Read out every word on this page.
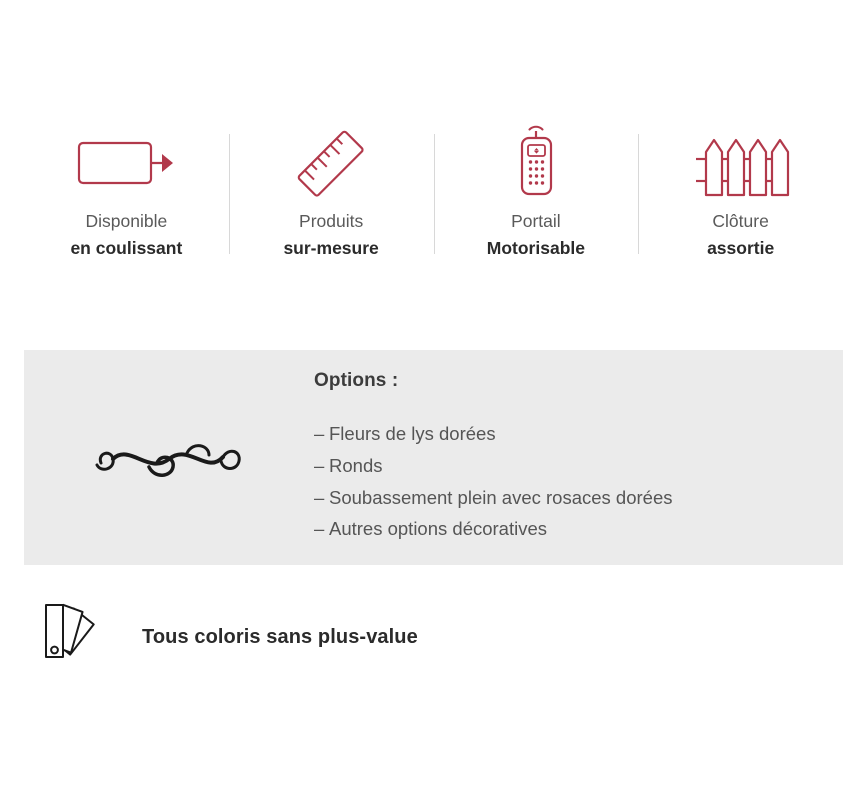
Disponible
en coulissant
Produits
sur-mesure
Portail
Motorisable
Clôture
assortie
Options :
– Fleurs de lys dorées
– Ronds
– Soubassement plein avec rosaces dorées
– Autres options décoratives
Tous coloris sans plus-value
